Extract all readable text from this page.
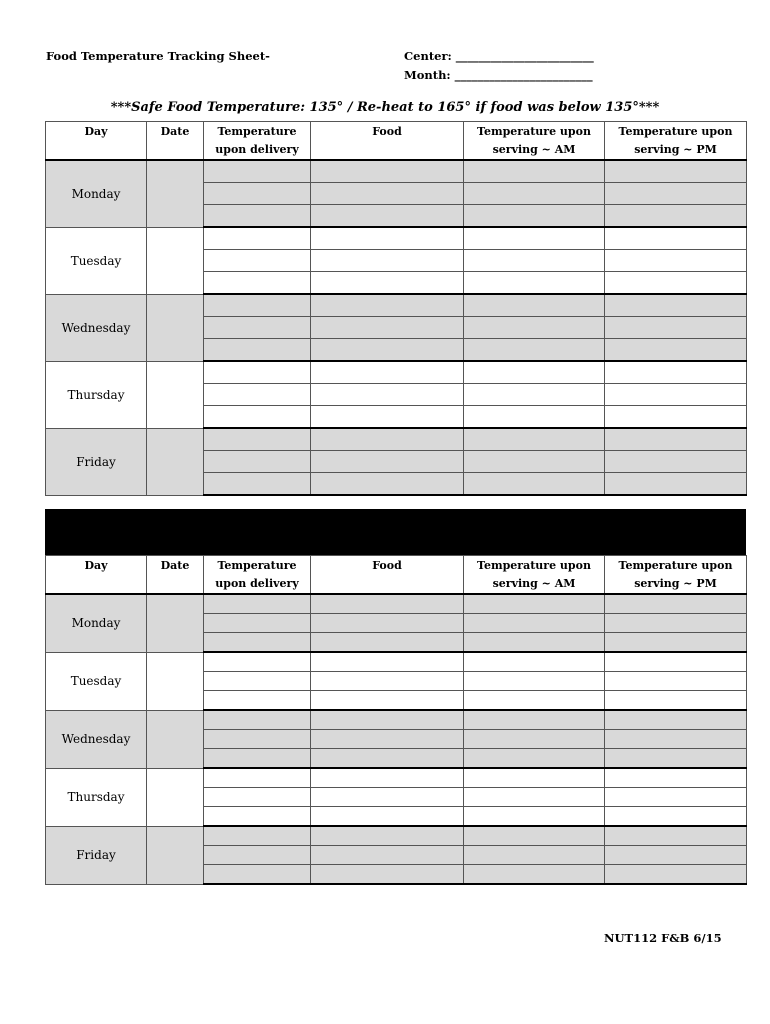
Food Temperature Tracking Sheet-	Center: ________________________
Month: ________________________
***Safe Food Temperature: 135° / Re-heat to 165° if food was below 135°***
Day	Date	Temperature upon delivery	Food	Temperature upon serving ~ AM	Temperature upon serving ~ PM
Monday					

Tuesday					

Wednesday					

Thursday					

Friday					

Day	Date	Temperature upon delivery	Food	Temperature upon serving ~ AM	Temperature upon serving ~ PM
Monday					

Tuesday					

Wednesday					

Thursday					

Friday					

NUT112 F&B 6/15
